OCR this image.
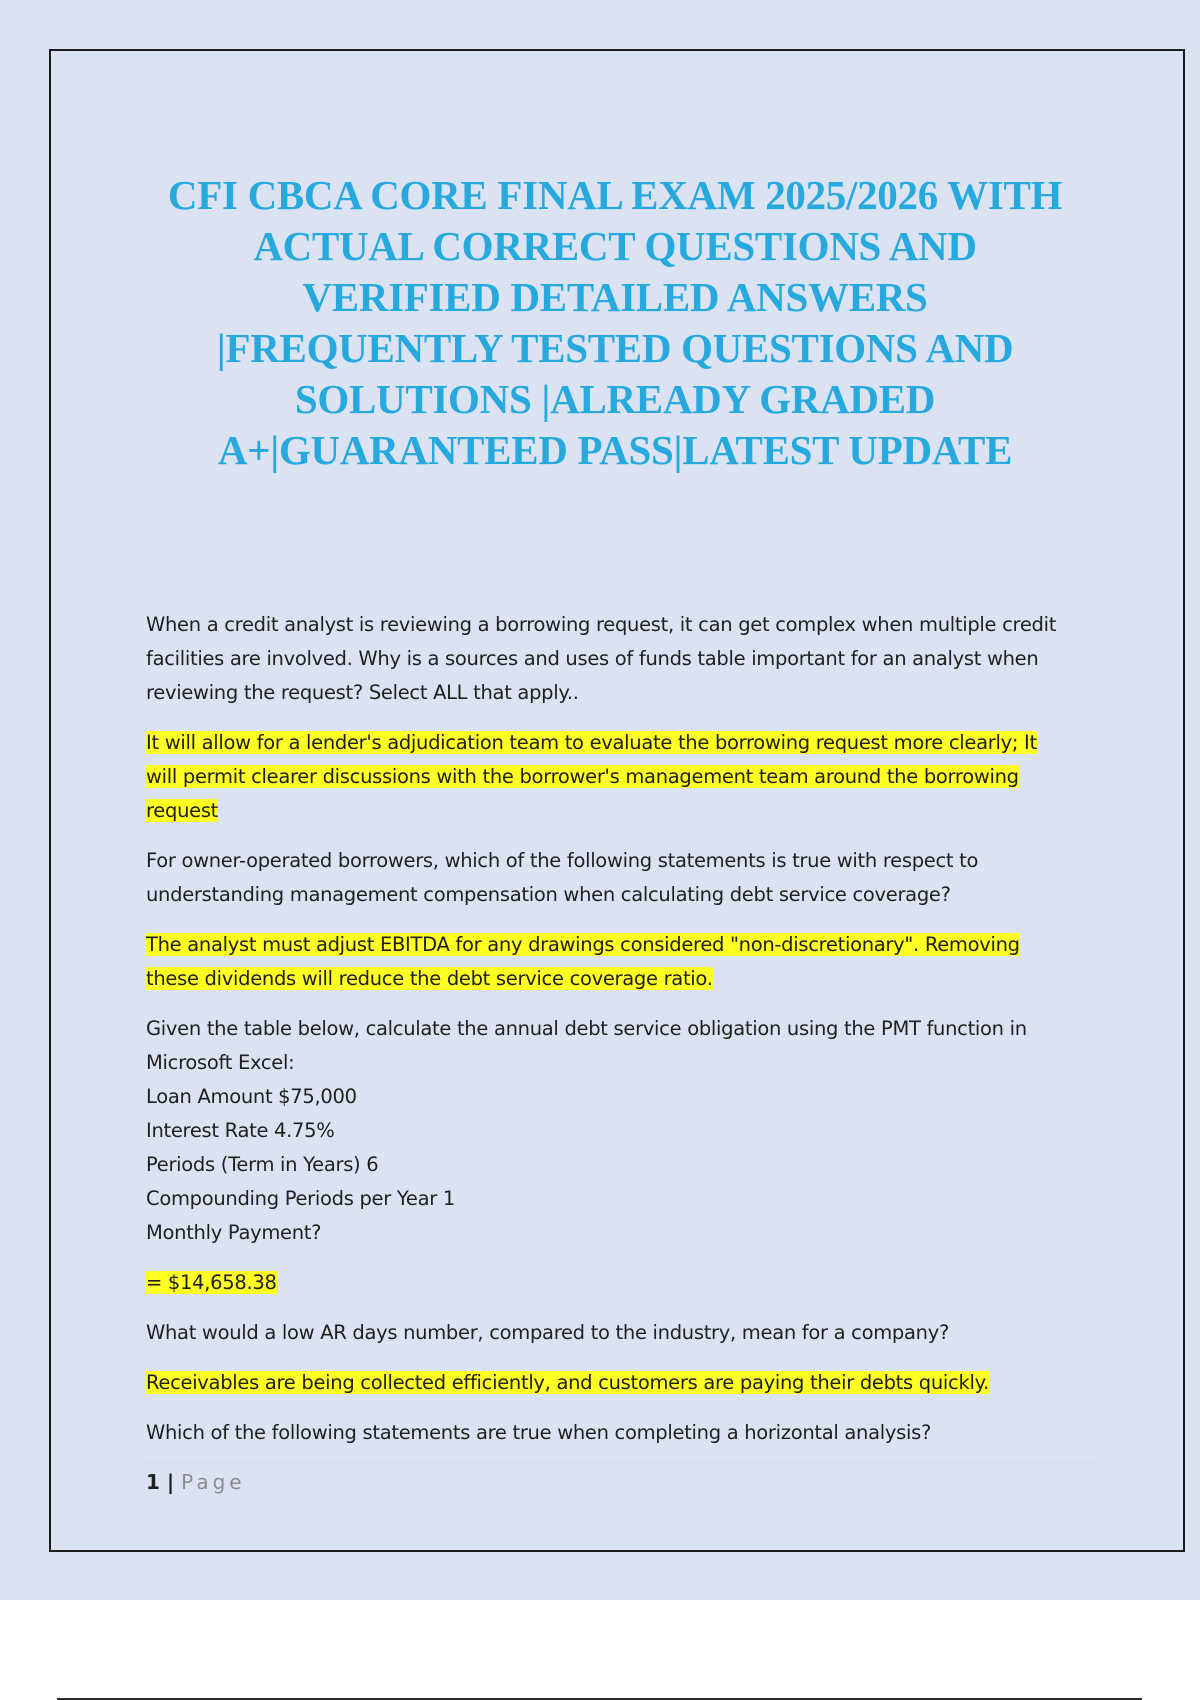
CFI CBCA CORE FINAL EXAM 2025/2026 WITH
ACTUAL CORRECT QUESTIONS AND
VERIFIED DETAILED ANSWERS
|FREQUENTLY TESTED QUESTIONS AND
SOLUTIONS |ALREADY GRADED
A+|GUARANTEED PASS|LATEST UPDATE

When a credit analyst is reviewing a borrowing request, it can get complex when multiple credit
facilities are involved. Why is a sources and uses of funds table important for an analyst when
reviewing the request? Select ALL that apply..

It will allow for a lender's adjudication team to evaluate the borrowing request more clearly; It
will permit clearer discussions with the borrower's management team around the borrowing
request

For owner-operated borrowers, which of the following statements is true with respect to
understanding management compensation when calculating debt service coverage?

The analyst must adjust EBITDA for any drawings considered "non-discretionary". Removing
these dividends will reduce the debt service coverage ratio.

Given the table below, calculate the annual debt service obligation using the PMT function in
Microsoft Excel:
Loan Amount $75,000
Interest Rate 4.75%
Periods (Term in Years) 6
Compounding Periods per Year 1
Monthly Payment?

= $14,658.38

What would a low AR days number, compared to the industry, mean for a company?

Receivables are being collected efficiently, and customers are paying their debts quickly.

Which of the following statements are true when completing a horizontal analysis?

1 | Page
